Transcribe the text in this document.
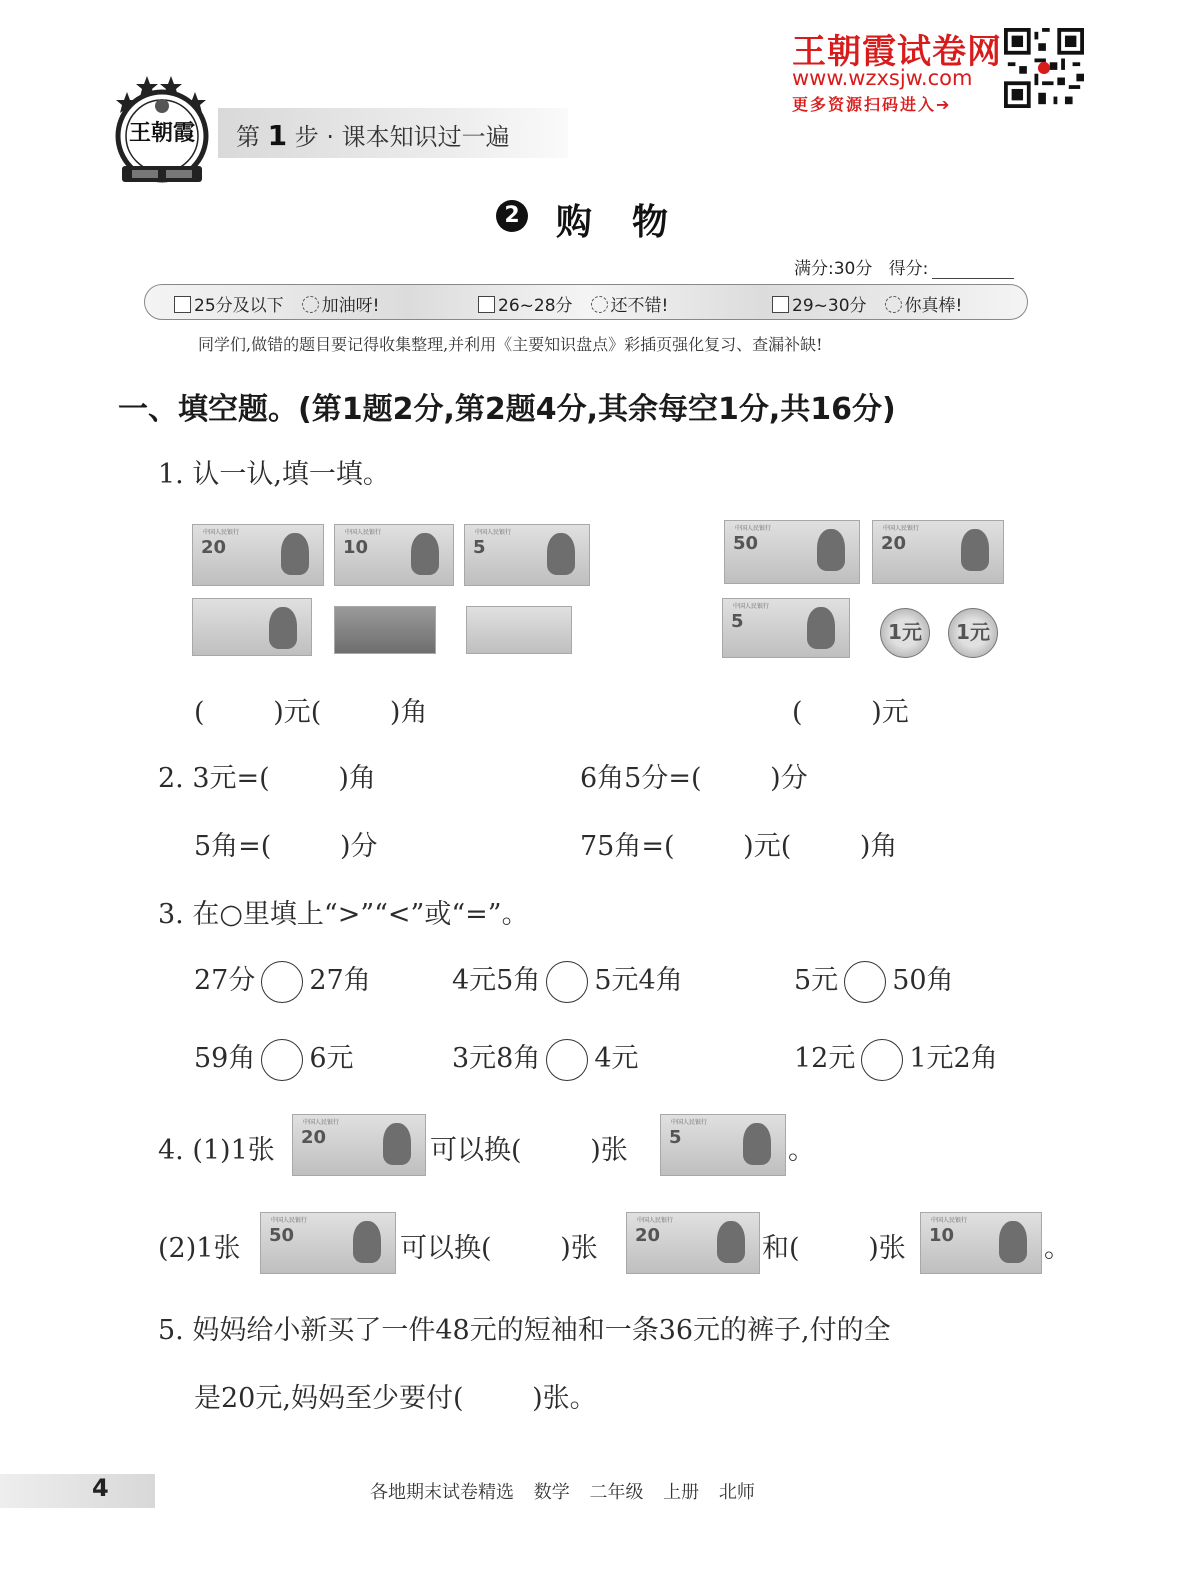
王朝霞试卷网
www.wzxsjw.com
更多资源扫码进入➔
王朝霞 第 1 步 · 课本知识过一遍
2 购物
满分:30分 得分:
25分及以下 加油呀!	26~28分 还不错!	29~30分 你真棒!
同学们,做错的题目要记得收集整理,并利用《主要知识盘点》彩插页强化复习、查漏补缺!
一、填空题。(第1题2分,第2题4分,其余每空1分,共16分)
1. 认一认,填一填。
中国人民银行
20
中国人民银行
10
中国人民银行
5
中国人民银行
50
中国人民银行
20
中国人民银行
5	1元	1元
(        )元(        )角	(        )元
2. 3元=(        )角	6角5分=(        )分
5角=(        )分	75角=(        )元(        )角
3. 在○里填上“>”“<”或“=”。
27分 27角	4元5角 5元4角	5元 50角
59角 6元	3元8角 4元	12元 1元2角
4. (1)1张
中国人民银行
20	可以换(        )张
中国人民银行
5	。
(2)1张
中国人民银行
50	可以换(        )张
中国人民银行
20	和(        )张
中国人民银行
10	。
5. 妈妈给小新买了一件48元的短袖和一条36元的裤子,付的全
是20元,妈妈至少要付(        )张。
4	各地期末试卷精选 数学 二年级 上册 北师
